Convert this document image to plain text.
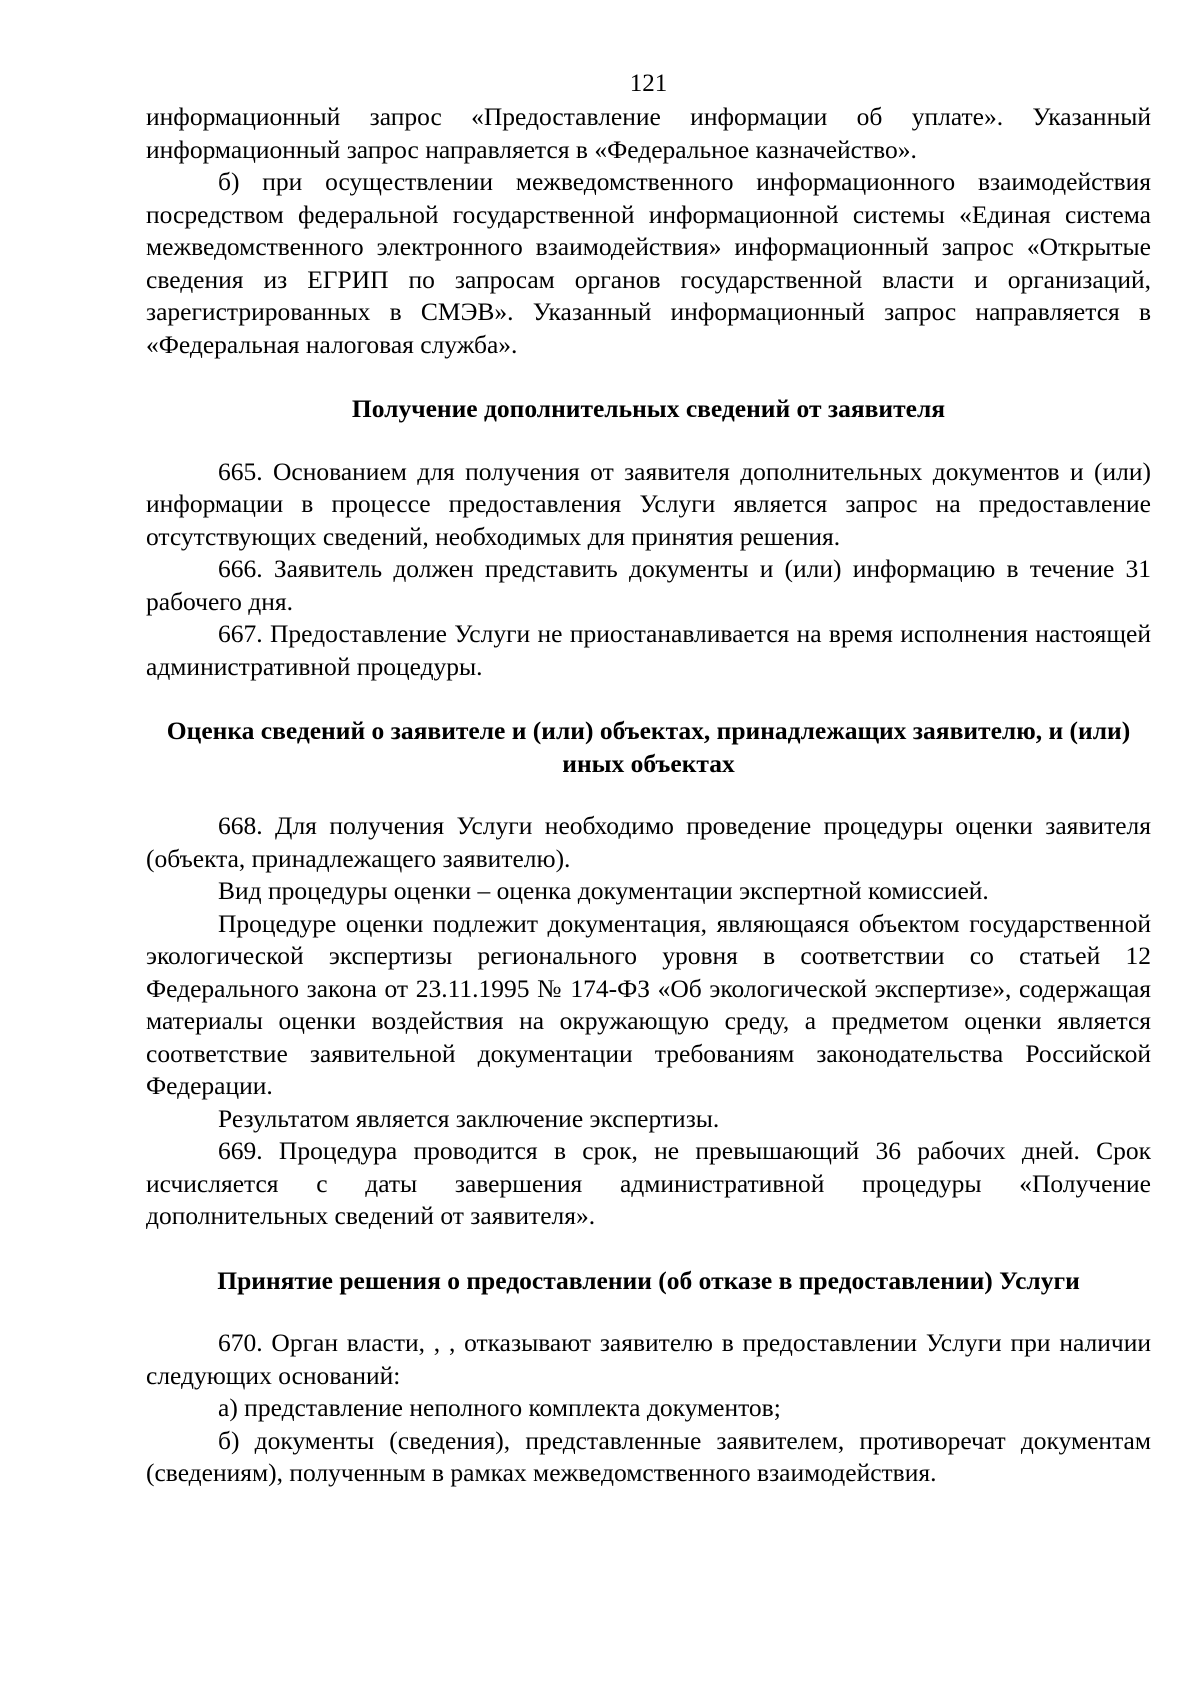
121

информационный запрос «Предоставление информации об уплате». Указанный информационный запрос направляется в «Федеральное казначейство».

б) при осуществлении межведомственного информационного взаимодействия посредством федеральной государственной информационной системы «Единая система межведомственного электронного взаимодействия» информационный запрос «Открытые сведения из ЕГРИП по запросам органов государственной власти и организаций, зарегистрированных в СМЭВ». Указанный информационный запрос направляется в «Федеральная налоговая служба».

Получение дополнительных сведений от заявителя

665. Основанием для получения от заявителя дополнительных документов и (или) информации в процессе предоставления Услуги является запрос на предоставление отсутствующих сведений, необходимых для принятия решения.

666. Заявитель должен представить документы и (или) информацию в течение 31 рабочего дня.

667. Предоставление Услуги не приостанавливается на время исполнения настоящей административной процедуры.

Оценка сведений о заявителе и (или) объектах, принадлежащих заявителю, и (или) иных объектах

668. Для получения Услуги необходимо проведение процедуры оценки заявителя (объекта, принадлежащего заявителю).

Вид процедуры оценки – оценка документации экспертной комиссией.

Процедуре оценки подлежит документация, являющаяся объектом государственной экологической экспертизы регионального уровня в соответствии со статьей 12 Федерального закона от 23.11.1995 № 174-ФЗ «Об экологической экспертизе», содержащая материалы оценки воздействия на окружающую среду, а предметом оценки является соответствие заявительной документации требованиям законодательства Российской Федерации.

Результатом является заключение экспертизы.

669. Процедура проводится в срок, не превышающий 36 рабочих дней. Срок исчисляется с даты завершения административной процедуры «Получение дополнительных сведений от заявителя».

Принятие решения о предоставлении (об отказе в предоставлении) Услуги

670. Орган власти, , , отказывают заявителю в предоставлении Услуги при наличии следующих оснований:

а) представление неполного комплекта документов;

б) документы (сведения), представленные заявителем, противоречат документам (сведениям), полученным в рамках межведомственного взаимодействия.
